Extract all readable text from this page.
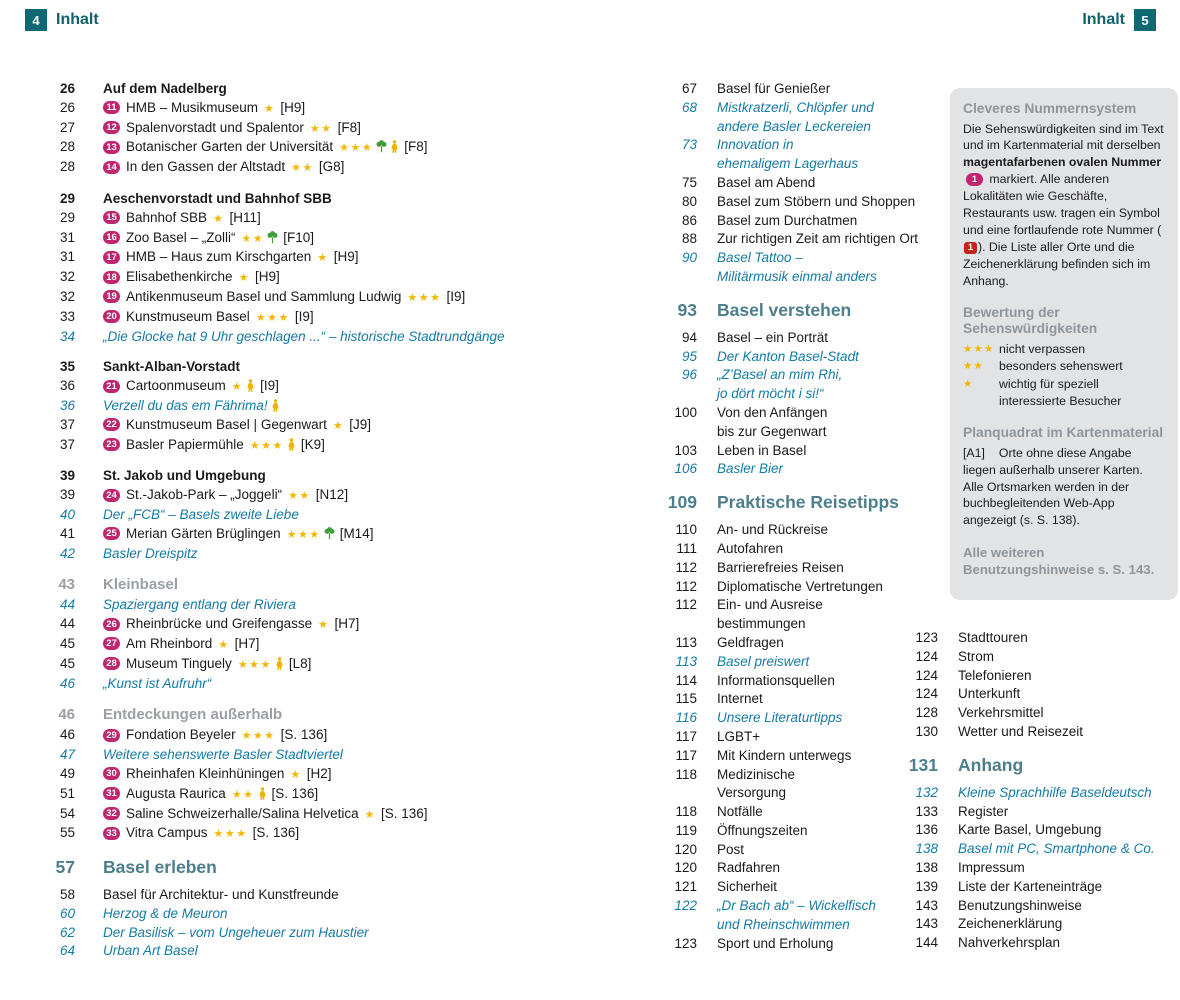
4	Inhalt	Inhalt	5
26 Auf dem Nadelberg
26	11 HMB – Musikmuseum ★ [H9]
27	12 Spalenvorstadt und Spalentor ★★ [F8]
28	13 Botanischer Garten der Universität ★★★ [F8]
28	14 In den Gassen der Altstadt ★★ [G8]
29 Aeschenvorstadt und Bahnhof SBB
29	15 Bahnhof SBB ★ [H11]
31	16 Zoo Basel – „Zolli“ ★★ [F10]
31	17 HMB – Haus zum Kirschgarten ★ [H9]
32	18 Elisabethenkirche ★ [H9]
32	19 Antikenmuseum Basel und Sammlung Ludwig ★★★ [I9]
33	20 Kunstmuseum Basel ★★★ [I9]
34 „Die Glocke hat 9 Uhr geschlagen ...“ – historische Stadtrundgänge
35 Sankt-Alban-Vorstadt
36	21 Cartoonmuseum ★ [I9]
36 Verzell du das em Fährima!
37	22 Kunstmuseum Basel | Gegenwart ★ [J9]
37	23 Basler Papiermühle ★★★ [K9]
39 St. Jakob und Umgebung
39	24 St.-Jakob-Park – „Joggeli“ ★★ [N12]
40 Der „FCB“ – Basels zweite Liebe
41	25 Merian Gärten Brüglingen ★★★ [M14]
42 Basler Dreispitz
43 Kleinbasel
44 Spaziergang entlang der Riviera
44	26 Rheinbrücke und Greifengasse ★ [H7]
45	27 Am Rheinbord ★ [H7]
45	28 Museum Tinguely ★★★ [L8]
46 „Kunst ist Aufruhr“
46 Entdeckungen außerhalb
46	29 Fondation Beyeler ★★★ [S. 136]
47 Weitere sehenswerte Basler Stadtviertel
49	30 Rheinhafen Kleinhüningen ★ [H2]
51	31 Augusta Raurica ★★ [S. 136]
54	32 Saline Schweizerhalle/Salina Helvetica ★ [S. 136]
55	33 Vitra Campus ★★★ [S. 136]
57 Basel erleben
58 Basel für Architektur- und Kunstfreunde
60 Herzog & de Meuron
62 Der Basilisk – vom Ungeheuer zum Haustier
64 Urban Art Basel
67 Basel für Genießer
68 Mistkratzerli, Chlöpfer und
andere Basler Leckereien
73 Innovation in
ehemaligem Lagerhaus
75 Basel am Abend
80 Basel zum Stöbern und Shoppen
86 Basel zum Durchatmen
88 Zur richtigen Zeit am richtigen Ort
90 Basel Tattoo –
Militärmusik einmal anders
93 Basel verstehen
94 Basel – ein Porträt
95 Der Kanton Basel-Stadt
96 „Z’Basel an mim Rhi,
jo dört möcht i si!“
100 Von den Anfängen
bis zur Gegenwart
103 Leben in Basel
106 Basler Bier
109 Praktische Reisetipps
110 An- und Rückreise
111 Autofahren
112 Barrierefreies Reisen
112 Diplomatische Vertretungen
112 Ein- und Ausreise
bestimmungen
113 Geldfragen
113 Basel preiswert
114 Informationsquellen
115 Internet
116 Unsere Literaturtipps
117 LGBT+
117 Mit Kindern unterwegs
118 Medizinische
Versorgung
118 Notfälle
119 Öffnungszeiten
120 Post
120 Radfahren
121 Sicherheit
122 „Dr Bach ab“ – Wickelfisch
und Rheinschwimmen
123 Sport und Erholung
123 Stadttouren
124 Strom
124 Telefonieren
124 Unterkunft
128 Verkehrsmittel
130 Wetter und Reisezeit
131 Anhang
132 Kleine Sprachhilfe Baseldeutsch
133 Register
136 Karte Basel, Umgebung
138 Basel mit PC, Smartphone & Co.
138 Impressum
139 Liste der Karteneinträge
143 Benutzungshinweise
143 Zeichenerklärung
144 Nahverkehrsplan
Cleveres Nummernsystem

Die Sehenswürdigkeiten sind im Text und im Kartenmaterial mit derselben magentafarbenen ovalen Nummer1 markiert. Alle anderen Lokalitäten wie Geschäfte, Restaurants usw. tragen ein Symbol und eine fortlaufende rote Nummer (1 ). Die Liste aller Orte und die Zeichenerklärung befinden sich im Anhang.

Bewertung der Sehenswürdigkeiten
★★★ nicht verpassen
★★	besonders sehenswert
★	wichtig für speziell interessierte Besucher
Planquadrat im Kartenmaterial

[A1] Orte ohne diese Angabe liegen außerhalb unserer Karten. Alle Ortsmarken werden in der buchbegleitenden Web-App angezeigt (s. S. 138).

Alle weiteren Benutzungshinweise s. S. 143.
